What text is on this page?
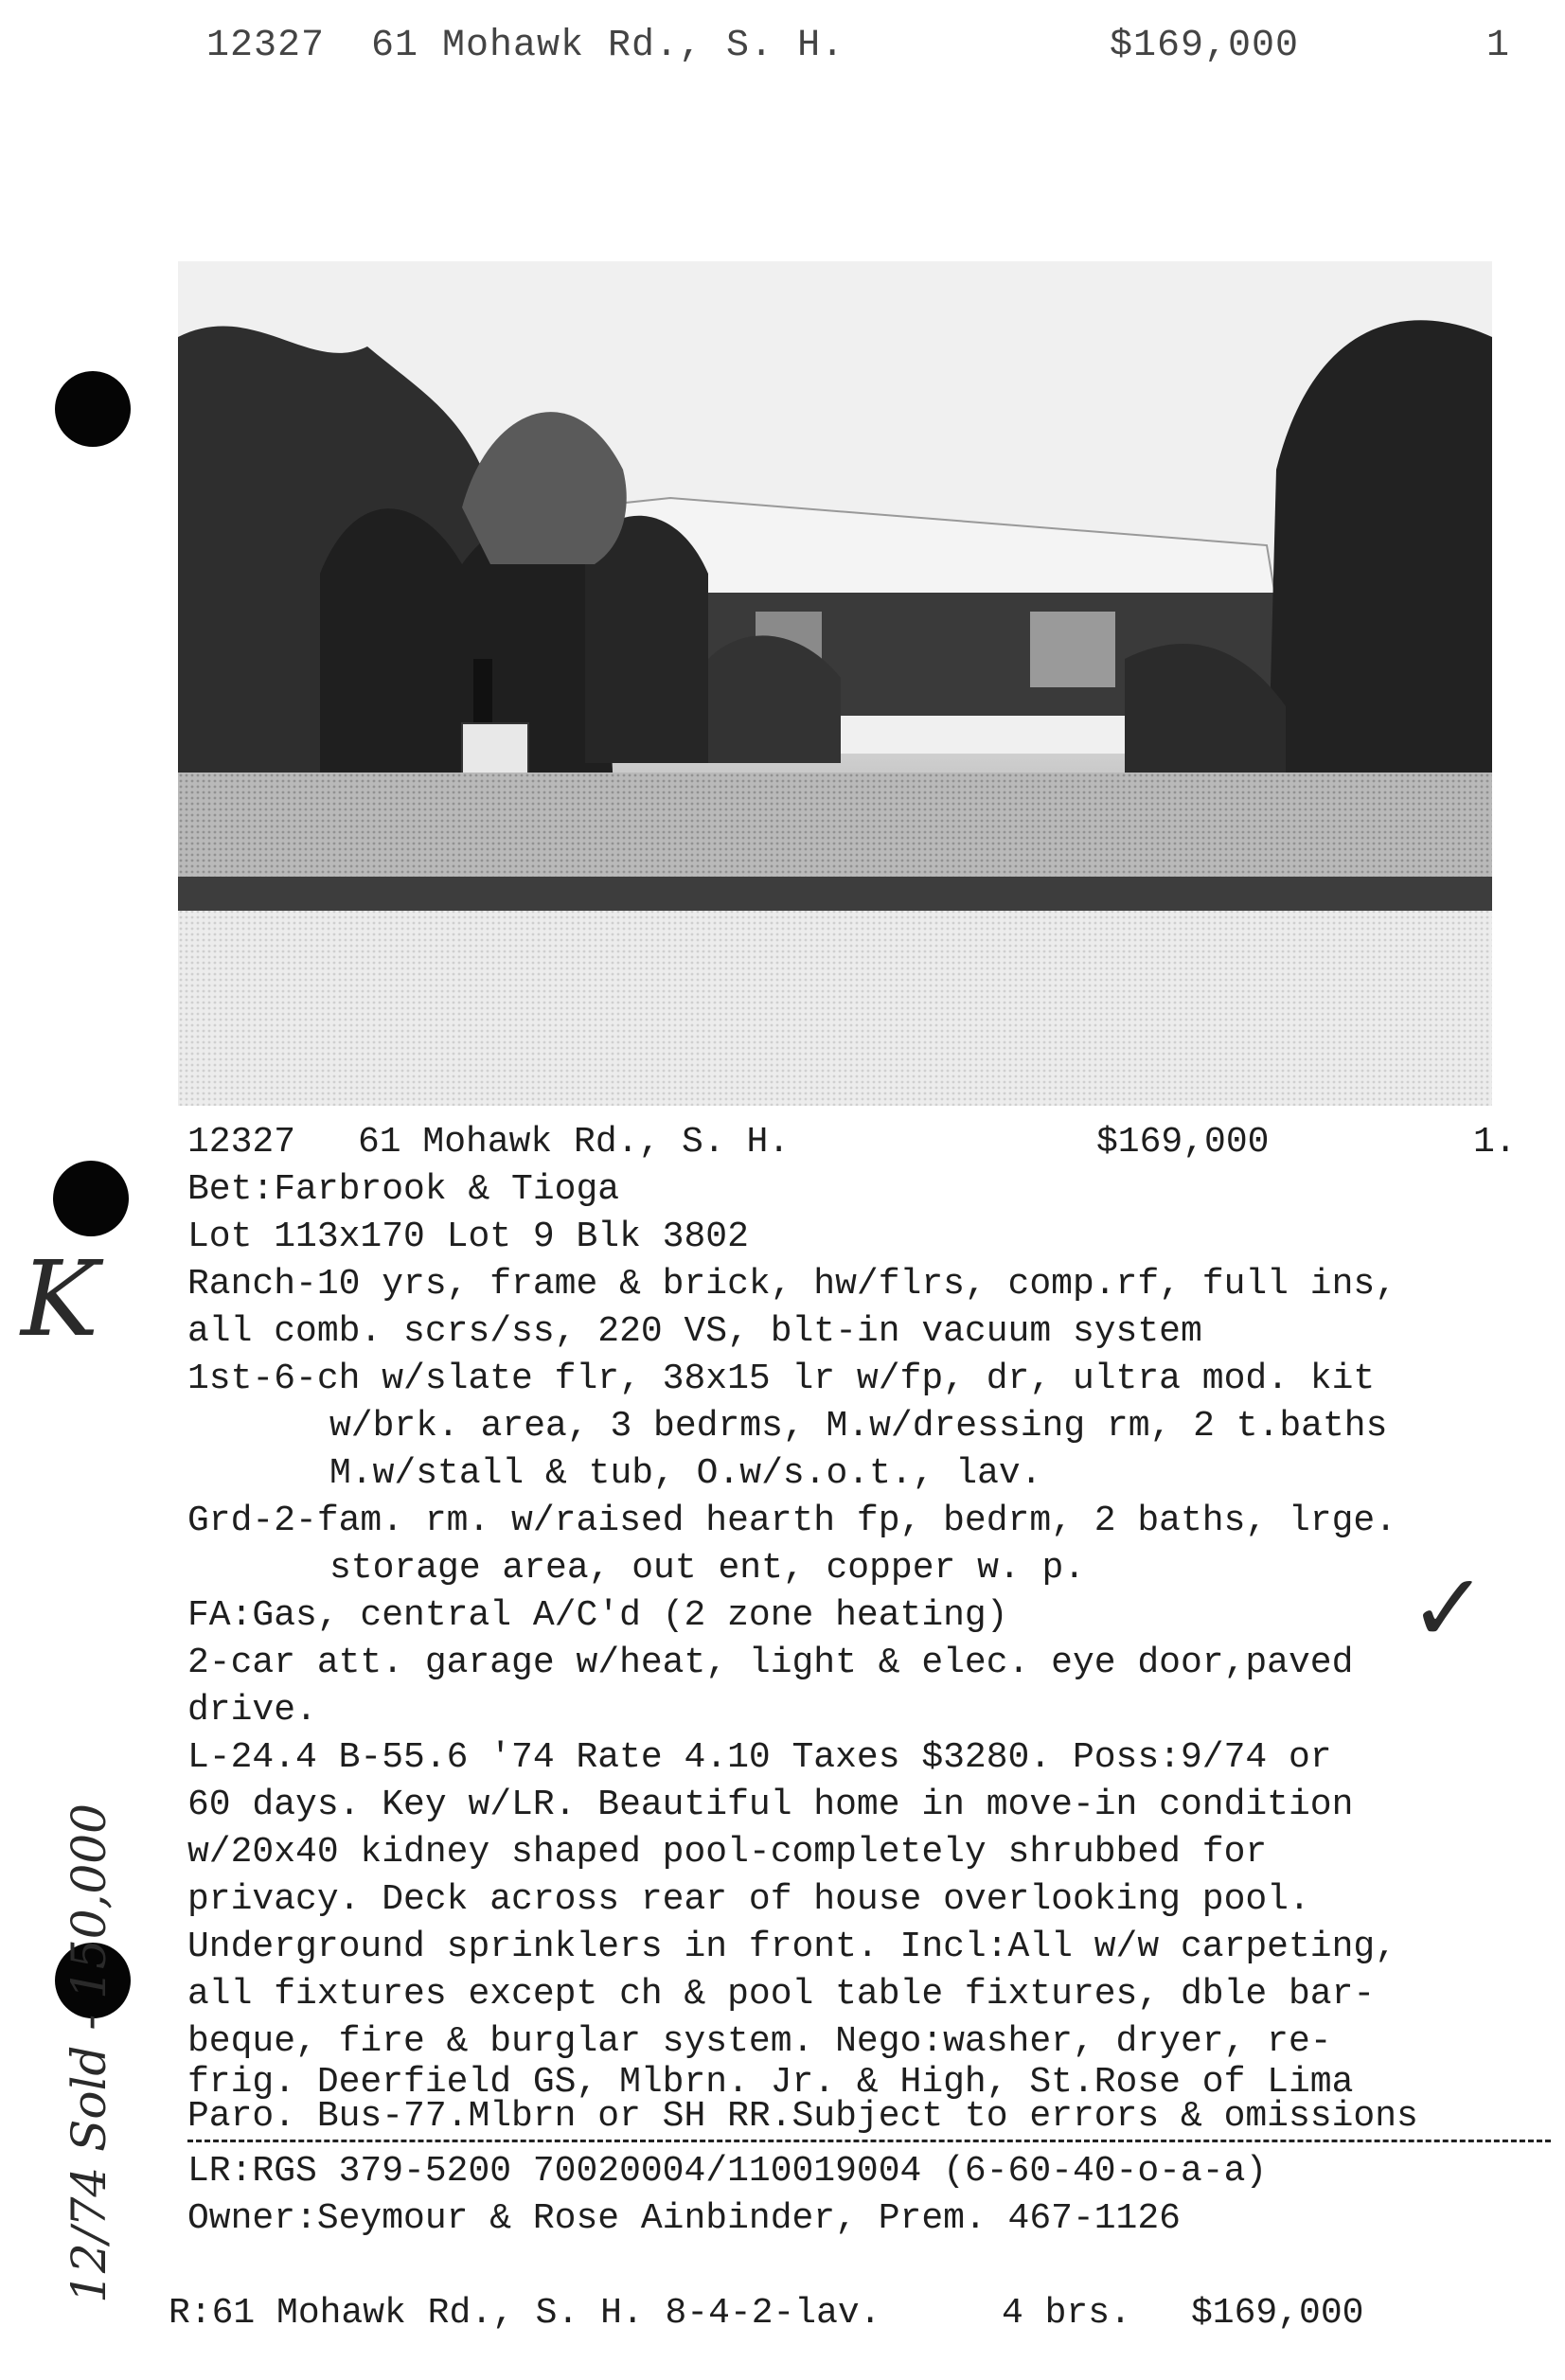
12327 61 Mohawk Rd., S. H.	$169,000	1
12327 61 Mohawk Rd., S. H.	$169,000	1.
Bet:Farbrook & Tioga
Lot 113x170 Lot 9 Blk 3802
Ranch-10 yrs, frame & brick, hw/flrs, comp.rf, full ins,
all comb. scrs/ss, 220 VS, blt-in vacuum system
1st-6-ch w/slate flr, 38x15 lr w/fp, dr, ultra mod. kit
w/brk. area, 3 bedrms, M.w/dressing rm, 2 t.baths
M.w/stall & tub, O.w/s.o.t., lav.
Grd-2-fam. rm. w/raised hearth fp, bedrm, 2 baths, lrge.
storage area, out ent, copper w. p.
FA:Gas, central A/C'd (2 zone heating)
2-car att. garage w/heat, light & elec. eye door,paved
drive.
L-24.4 B-55.6 '74 Rate 4.10 Taxes $3280. Poss:9/74 or
60 days. Key w/LR. Beautiful home in move-in condition
w/20x40 kidney shaped pool-completely shrubbed for
privacy. Deck across rear of house overlooking pool.
Underground sprinklers in front. Incl:All w/w carpeting,
all fixtures except ch & pool table fixtures, dble bar-
beque, fire & burglar system. Nego:washer, dryer, re-
frig. Deerfield GS, Mlbrn. Jr. & High, St.Rose of Lima
Paro. Bus-77.Mlbrn or SH RR.Subject to errors & omissions
LR:RGS 379-5200 70020004/110019004 (6-60-40-o-a-a)
Owner:Seymour & Rose Ainbinder, Prem. 467-1126
R:61 Mohawk Rd., S. H. 8-4-2-lav.	4 brs. $169,000
K
✓
12/74 Sold - 150,000
